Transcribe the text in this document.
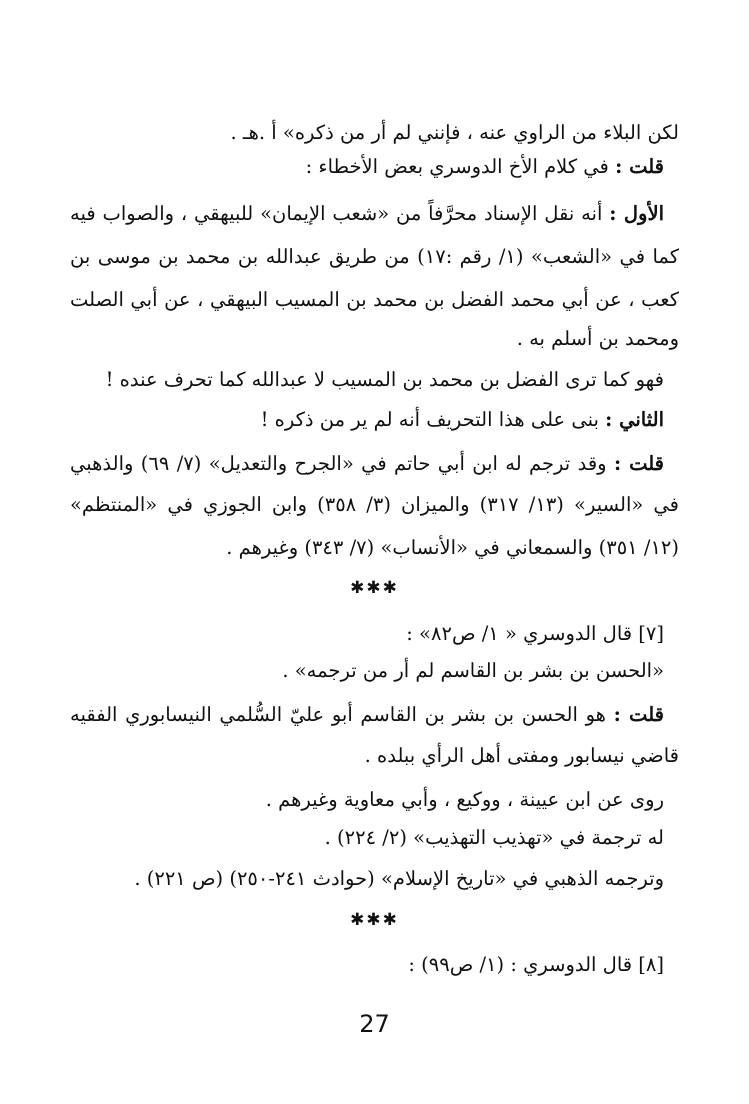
لكن البلاء من الراوي عنه ، فإنني لم أر من ذكره» أ .هـ .
قلت : في كلام الأخ الدوسري بعض الأخطاء :
الأول : أنه نقل الإسناد محرَّفاً من «شعب الإيمان» للبيهقي ، والصواب فيه
كما في «الشعب» (١/ رقم :١٧) من طريق عبدالله بن محمد بن موسى بن
كعب ، عن أبي محمد الفضل بن محمد بن المسيب البيهقي ، عن أبي الصلت
ومحمد بن أسلم به .
فهو كما ترى الفضل بن محمد بن المسيب لا عبدالله كما تحرف عنده !
الثاني : بنى على هذا التحريف أنه لم ير من ذكره !
قلت : وقد ترجم له ابن أبي حاتم في «الجرح والتعديل» (٧/ ٦٩) والذهبي
في «السير» (١٣/ ٣١٧) والميزان (٣/ ٣٥٨) وابن الجوزي في «المنتظم»
(١٢/ ٣٥١) والسمعاني في «الأنساب» (٧/ ٣٤٣) وغيرهم .
✱✱✱
[٧] قال الدوسري « ١/ ص٨٢» :
«الحسن بن بشر بن القاسم لم أر من ترجمه» .
قلت : هو الحسن بن بشر بن القاسم أبو عليّ السُّلمي النيسابوري الفقيه
قاضي نيسابور ومفتى أهل الرأي ببلده .
روى عن ابن عيينة ، ووكيع ، وأبي معاوية وغيرهم .
له ترجمة في «تهذيب التهذيب» (٢/ ٢٢٤) .
وترجمه الذهبي في «تاريخ الإسلام» (حوادث ٢٤١-٢٥٠) (ص ٢٢١) .
✱✱✱
[٨] قال الدوسري : (١/ ص٩٩) :
27
